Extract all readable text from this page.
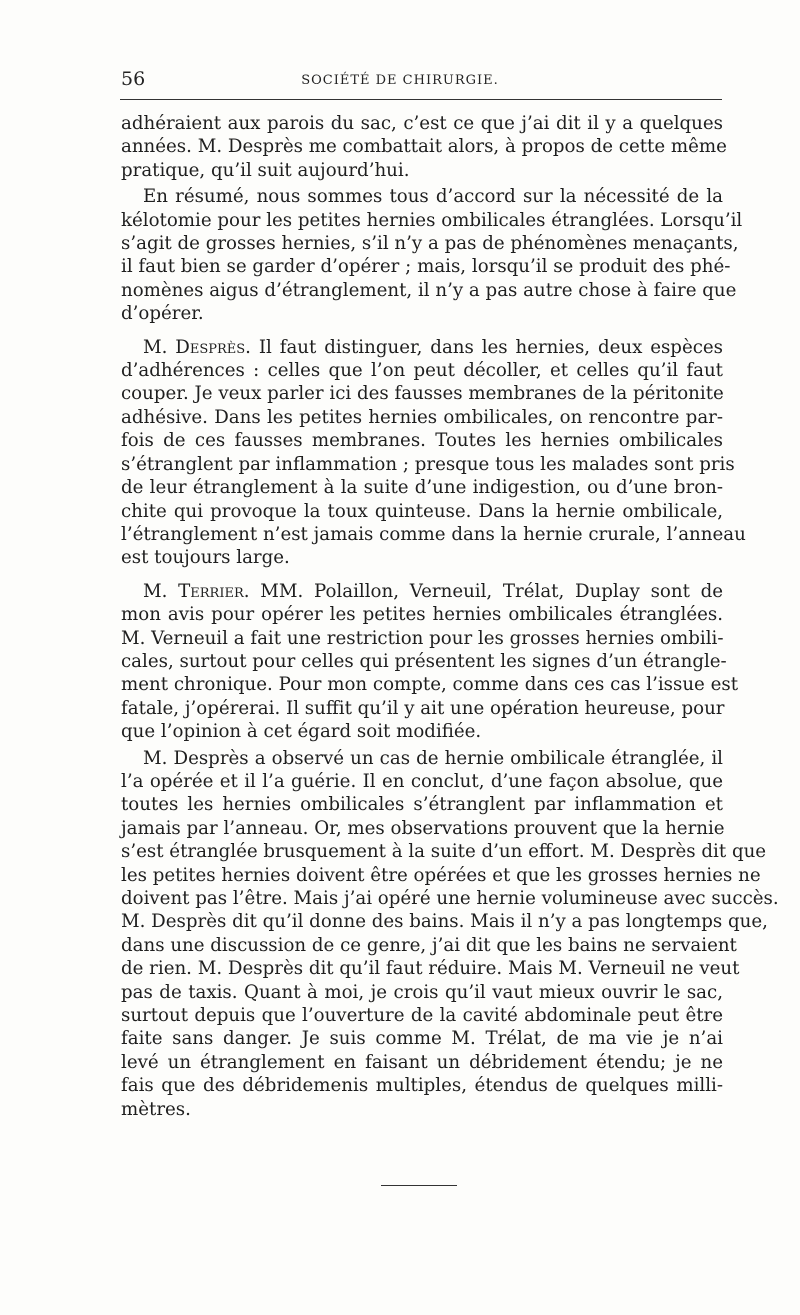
56	SOCIÉTÉ DE CHIRURGIE.
adhéraient aux parois du sac, c’est ce que j’ai dit il y a quelques
années. M. Desprès me combattait alors, à propos de cette même
pratique, qu’il suit aujourd’hui.
En résumé, nous sommes tous d’accord sur la nécessité de la
kélotomie pour les petites hernies ombilicales étranglées. Lorsqu’il
s’agit de grosses hernies, s’il n’y a pas de phénomènes menaçants,
il faut bien se garder d’opérer ; mais, lorsqu’il se produit des phé-
nomènes aigus d’étranglement, il n’y a pas autre chose à faire que
d’opérer.
M. Desprès. Il faut distinguer, dans les hernies, deux espèces
d’adhérences : celles que l’on peut décoller, et celles qu’il faut
couper. Je veux parler ici des fausses membranes de la péritonite
adhésive. Dans les petites hernies ombilicales, on rencontre par-
fois de ces fausses membranes. Toutes les hernies ombilicales
s’étranglent par inflammation ; presque tous les malades sont pris
de leur étranglement à la suite d’une indigestion, ou d’une bron-
chite qui provoque la toux quinteuse. Dans la hernie ombilicale,
l’étranglement n’est jamais comme dans la hernie crurale, l’anneau
est toujours large.
M. Terrier. MM. Polaillon, Verneuil, Trélat, Duplay sont de
mon avis pour opérer les petites hernies ombilicales étranglées.
M. Verneuil a fait une restriction pour les grosses hernies ombili-
cales, surtout pour celles qui présentent les signes d’un étrangle-
ment chronique. Pour mon compte, comme dans ces cas l’issue est
fatale, j’opérerai. Il suffit qu’il y ait une opération heureuse, pour
que l’opinion à cet égard soit modifiée.
M. Desprès a observé un cas de hernie ombilicale étranglée, il
l’a opérée et il l’a guérie. Il en conclut, d’une façon absolue, que
toutes les hernies ombilicales s’étranglent par inflammation et
jamais par l’anneau. Or, mes observations prouvent que la hernie
s’est étranglée brusquement à la suite d’un effort. M. Desprès dit que
les petites hernies doivent être opérées et que les grosses hernies ne
doivent pas l’être. Mais j’ai opéré une hernie volumineuse avec succès.
M. Desprès dit qu’il donne des bains. Mais il n’y a pas longtemps que,
dans une discussion de ce genre, j’ai dit que les bains ne servaient
de rien. M. Desprès dit qu’il faut réduire. Mais M. Verneuil ne veut
pas de taxis. Quant à moi, je crois qu’il vaut mieux ouvrir le sac,
surtout depuis que l’ouverture de la cavité abdominale peut être
faite sans danger. Je suis comme M. Trélat, de ma vie je n’ai
levé un étranglement en faisant un débridement étendu; je ne
fais que des débridemenis multiples, étendus de quelques milli-
mètres.
